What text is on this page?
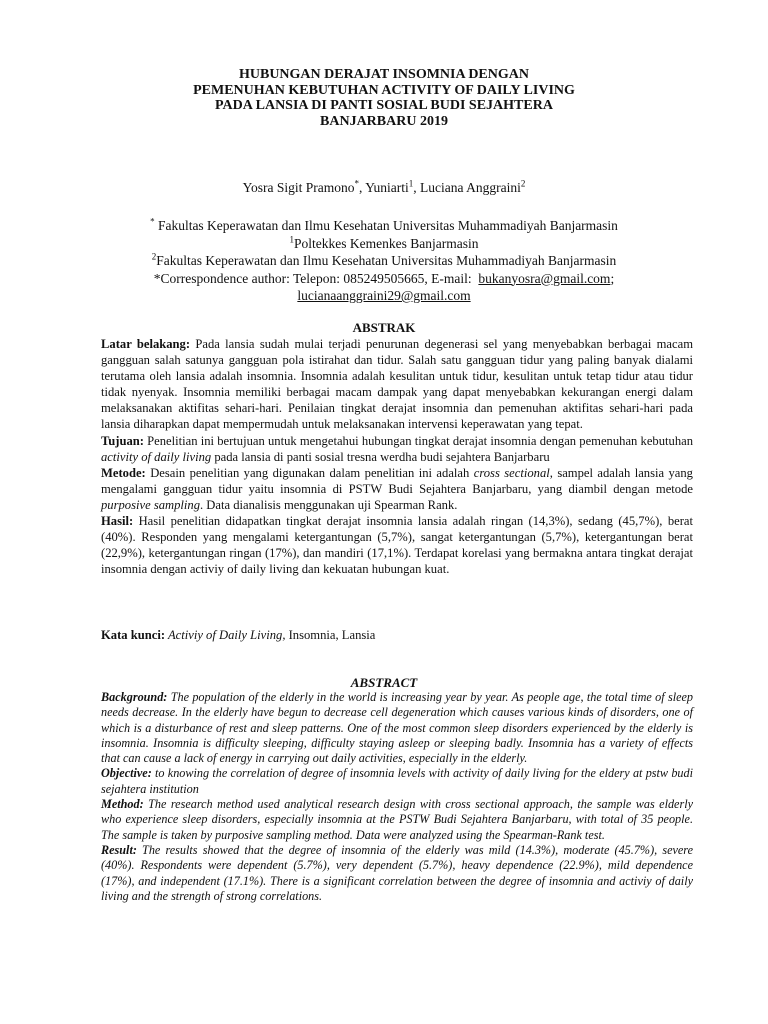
HUBUNGAN DERAJAT INSOMNIA DENGAN
PEMENUHAN KEBUTUHAN ACTIVITY OF DAILY LIVING
PADA LANSIA DI PANTI SOSIAL BUDI SEJAHTERA
BANJARBARU 2019
Yosra Sigit Pramono*, Yuniarti$^1$, Luciana Anggraini$^2$
* Fakultas Keperawatan dan Ilmu Kesehatan Universitas Muhammadiyah Banjarmasin
$^1$Poltekkes Kemenkes Banjarmasin
$^2$Fakultas Keperawatan dan Ilmu Kesehatan Universitas Muhammadiyah Banjarmasin
*Correspondence author: Telepon: 085249505665, E-mail:  bukanyosra@gmail.com;
lucianaanggraini29@gmail.com
ABSTRAK

Latar belakang: Pada lansia sudah mulai terjadi penurunan degenerasi sel yang menyebabkan berbagai macam gangguan salah satunya gangguan pola istirahat dan tidur. Salah satu gangguan tidur yang paling banyak dialami terutama oleh lansia adalah insomnia. Insomnia adalah kesulitan untuk tidur, kesulitan untuk tetap tidur atau tidur tidak nyenyak. Insomnia memiliki berbagai macam dampak yang dapat menyebabkan kekurangan energi dalam melaksanakan aktifitas sehari-hari. Penilaian tingkat derajat insomnia dan pemenuhan aktifitas sehari-hari pada lansia diharapkan dapat mempermudah untuk melaksanakan intervensi keperawatan yang tepat.

Tujuan: Penelitian ini bertujuan untuk mengetahui hubungan tingkat derajat insomnia dengan pemenuhan kebutuhan activity of daily living pada lansia di panti sosial tresna werdha budi sejahtera Banjarbaru

Metode: Desain penelitian yang digunakan dalam penelitian ini adalah cross sectional, sampel adalah lansia yang mengalami gangguan tidur yaitu insomnia di PSTW Budi Sejahtera Banjarbaru, yang diambil dengan metode purposive sampling. Data dianalisis menggunakan uji Spearman Rank.

Hasil: Hasil penelitian didapatkan tingkat derajat insomnia lansia adalah ringan (14,3%), sedang (45,7%), berat (40%). Responden yang mengalami ketergantungan (5,7%), sangat ketergantungan (5,7%), ketergantungan berat (22,9%), ketergantungan ringan (17%), dan mandiri (17,1%). Terdapat korelasi yang bermakna antara tingkat derajat insomnia dengan activiy of daily living dan kekuatan hubungan kuat.

Kata kunci: Activiy of Daily Living, Insomnia, Lansia
ABSTRACT

Background: The population of the elderly in the world is increasing year by year. As people age, the total time of sleep needs decrease. In the elderly have begun to decrease cell degeneration which causes various kinds of disorders, one of which is a disturbance of rest and sleep patterns. One of the most common sleep disorders experienced by the elderly is insomnia. Insomnia is difficulty sleeping, difficulty staying asleep or sleeping badly. Insomnia has a variety of effects that can cause a lack of energy in carrying out daily activities, especially in the elderly.

Objective: to knowing the correlation of degree of insomnia levels with activity of daily living for the eldery at pstw budi sejahtera institution

Method: The research method used analytical research design with cross sectional approach, the sample was elderly who experience sleep disorders, especially insomnia at the PSTW Budi Sejahtera Banjarbaru, with total of 35 people. The sample is taken by purposive sampling method. Data were analyzed using the Spearman-Rank test.

Result: The results showed that the degree of insomnia of the elderly was mild (14.3%), moderate (45.7%), severe (40%). Respondents were dependent (5.7%), very dependent (5.7%), heavy dependence (22.9%), mild dependence (17%), and independent (17.1%). There is a significant correlation between the degree of insomnia and activiy of daily living and the strength of strong correlations.
